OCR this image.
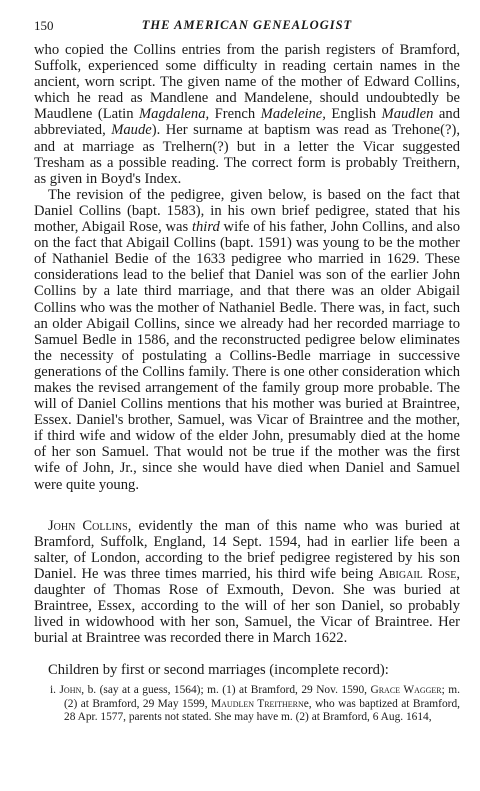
150	THE AMERICAN GENEALOGIST

who copied the Collins entries from the parish registers of Bramford, Suffolk, experienced some difficulty in reading certain names in the ancient, worn script. The given name of the mother of Edward Collins, which he read as Mandlene and Mandelene, should undoubtedly be Maudlene (Latin Magdalena, French Madeleine, English Maudlen and abbreviated, Maude). Her surname at baptism was read as Trehone(?), and at marriage as Trelhern(?) but in a letter the Vicar suggested Tresham as a possible reading. The correct form is probably Treithern, as given in Boyd's Index.

The revision of the pedigree, given below, is based on the fact that Daniel Collins (bapt. 1583), in his own brief pedigree, stated that his mother, Abigail Rose, was third wife of his father, John Collins, and also on the fact that Abigail Collins (bapt. 1591) was young to be the mother of Nathaniel Bedie of the 1633 pedigree who married in 1629. These considerations lead to the belief that Daniel was son of the earlier John Collins by a late third marriage, and that there was an older Abigail Collins who was the mother of Nathaniel Bedle. There was, in fact, such an older Abigail Collins, since we already had her recorded marriage to Samuel Bedle in 1586, and the reconstructed pedigree below eliminates the necessity of postulating a Collins-Bedle marriage in successive generations of the Collins family. There is one other consideration which makes the revised arrangement of the family group more probable. The will of Daniel Collins mentions that his mother was buried at Braintree, Essex. Daniel's brother, Samuel, was Vicar of Braintree and the mother, if third wife and widow of the elder John, presumably died at the home of her son Samuel. That would not be true if the mother was the first wife of John, Jr., since she would have died when Daniel and Samuel were quite young.

John Collins, evidently the man of this name who was buried at Bramford, Suffolk, England, 14 Sept. 1594, had in earlier life been a salter, of London, according to the brief pedigree registered by his son Daniel. He was three times married, his third wife being Abigail Rose, daughter of Thomas Rose of Exmouth, Devon. She was buried at Braintree, Essex, according to the will of her son Daniel, so probably lived in widowhood with her son, Samuel, the Vicar of Braintree. Her burial at Braintree was recorded there in March 1622.

Children by first or second marriages (incomplete record):

i. John, b. (say at a guess, 1564); m. (1) at Bramford, 29 Nov. 1590, Grace Wagger; m. (2) at Bramford, 29 May 1599, Maudlen Treitherne, who was baptized at Bramford, 28 Apr. 1577, parents not stated. She may have m. (2) at Bramford, 6 Aug. 1614,
